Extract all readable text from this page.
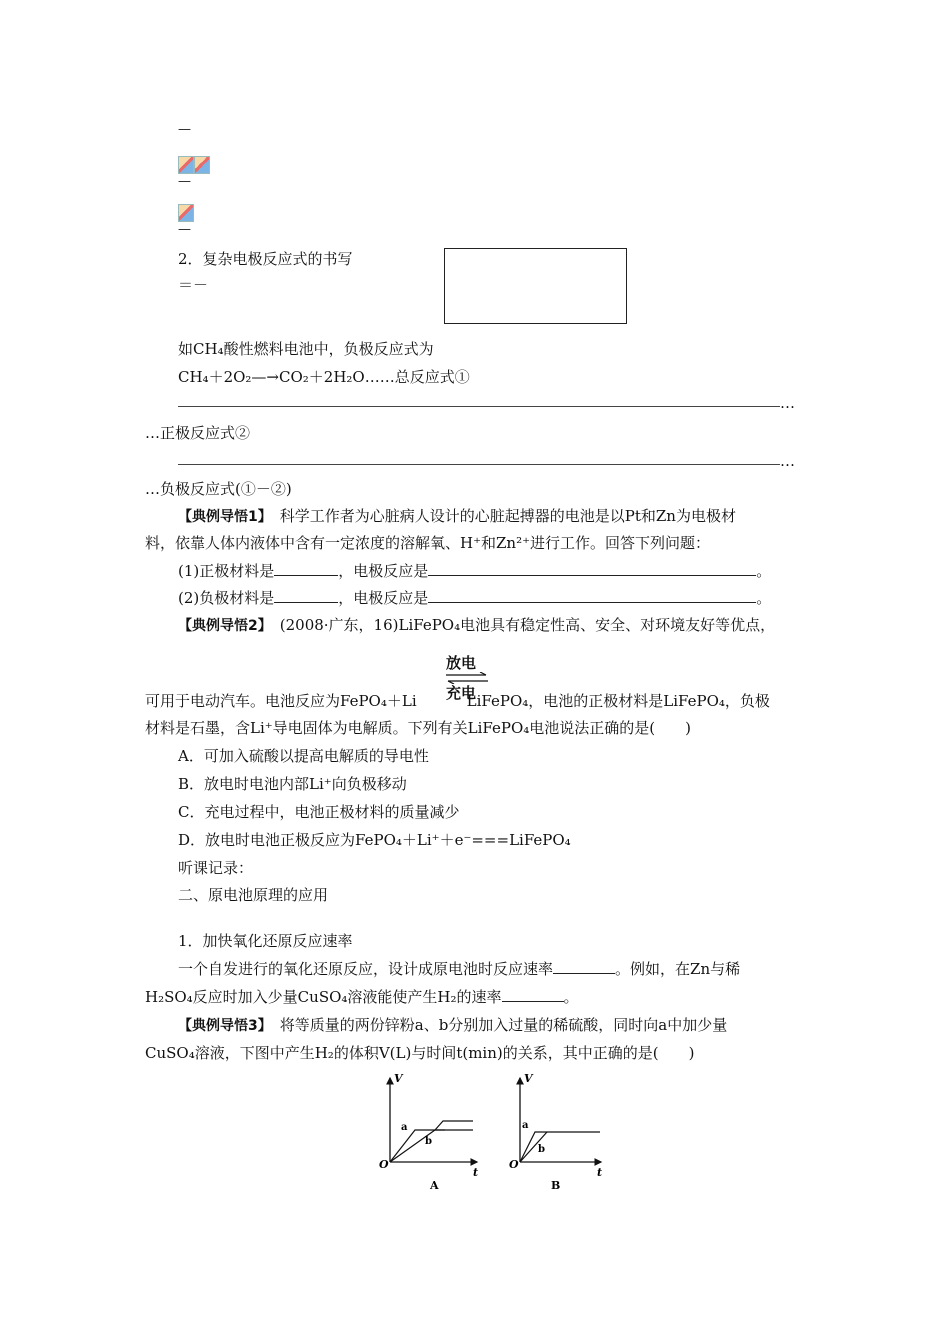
—
—
—
2．复杂电极反应式的书写
＝－
如CH₄酸性燃料电池中，负极反应式为
CH₄＋2O₂—→CO₂＋2H₂O……总反应式①
…
…正极反应式②
…
…负极反应式(①－②)
【典例导悟1】 科学工作者为心脏病人设计的心脏起搏器的电池是以Pt和Zn为电极材
料，依靠人体内液体中含有一定浓度的溶解氧、H⁺和Zn²⁺进行工作。回答下列问题：
(1)正极材料是	，电极反应是	。
(2)负极材料是	，电极反应是	。
【典例导悟2】 (2008·广东，16)LiFePO₄电池具有稳定性高、安全、对环境友好等优点，
放电
充电
可用于电动汽车。电池反应为FePO₄＋Li	LiFePO₄，电池的正极材料是LiFePO₄，负极
材料是石墨，含Li⁺导电固体为电解质。下列有关LiFePO₄电池说法正确的是(　　)
A．可加入硫酸以提高电解质的导电性
B．放电时电池内部Li⁺向负极移动
C．充电过程中，电池正极材料的质量减少
D．放电时电池正极反应为FePO₄＋Li⁺＋e⁻===LiFePO₄
听课记录：
二、原电池原理的应用
1．加快氧化还原反应速率
一个自发进行的氧化还原反应，设计成原电池时反应速率	。例如，在Zn与稀
H₂SO₄反应时加入少量CuSO₄溶液能使产生H₂的速率	。
【典例导悟3】 将等质量的两份锌粉a、b分别加入过量的稀硫酸，同时向a中加少量
CuSO₄溶液，下图中产生H₂的体积V(L)与时间t(min)的关系，其中正确的是(　　)
V
t
O
a
b
A
V
t
O
a
b
B
